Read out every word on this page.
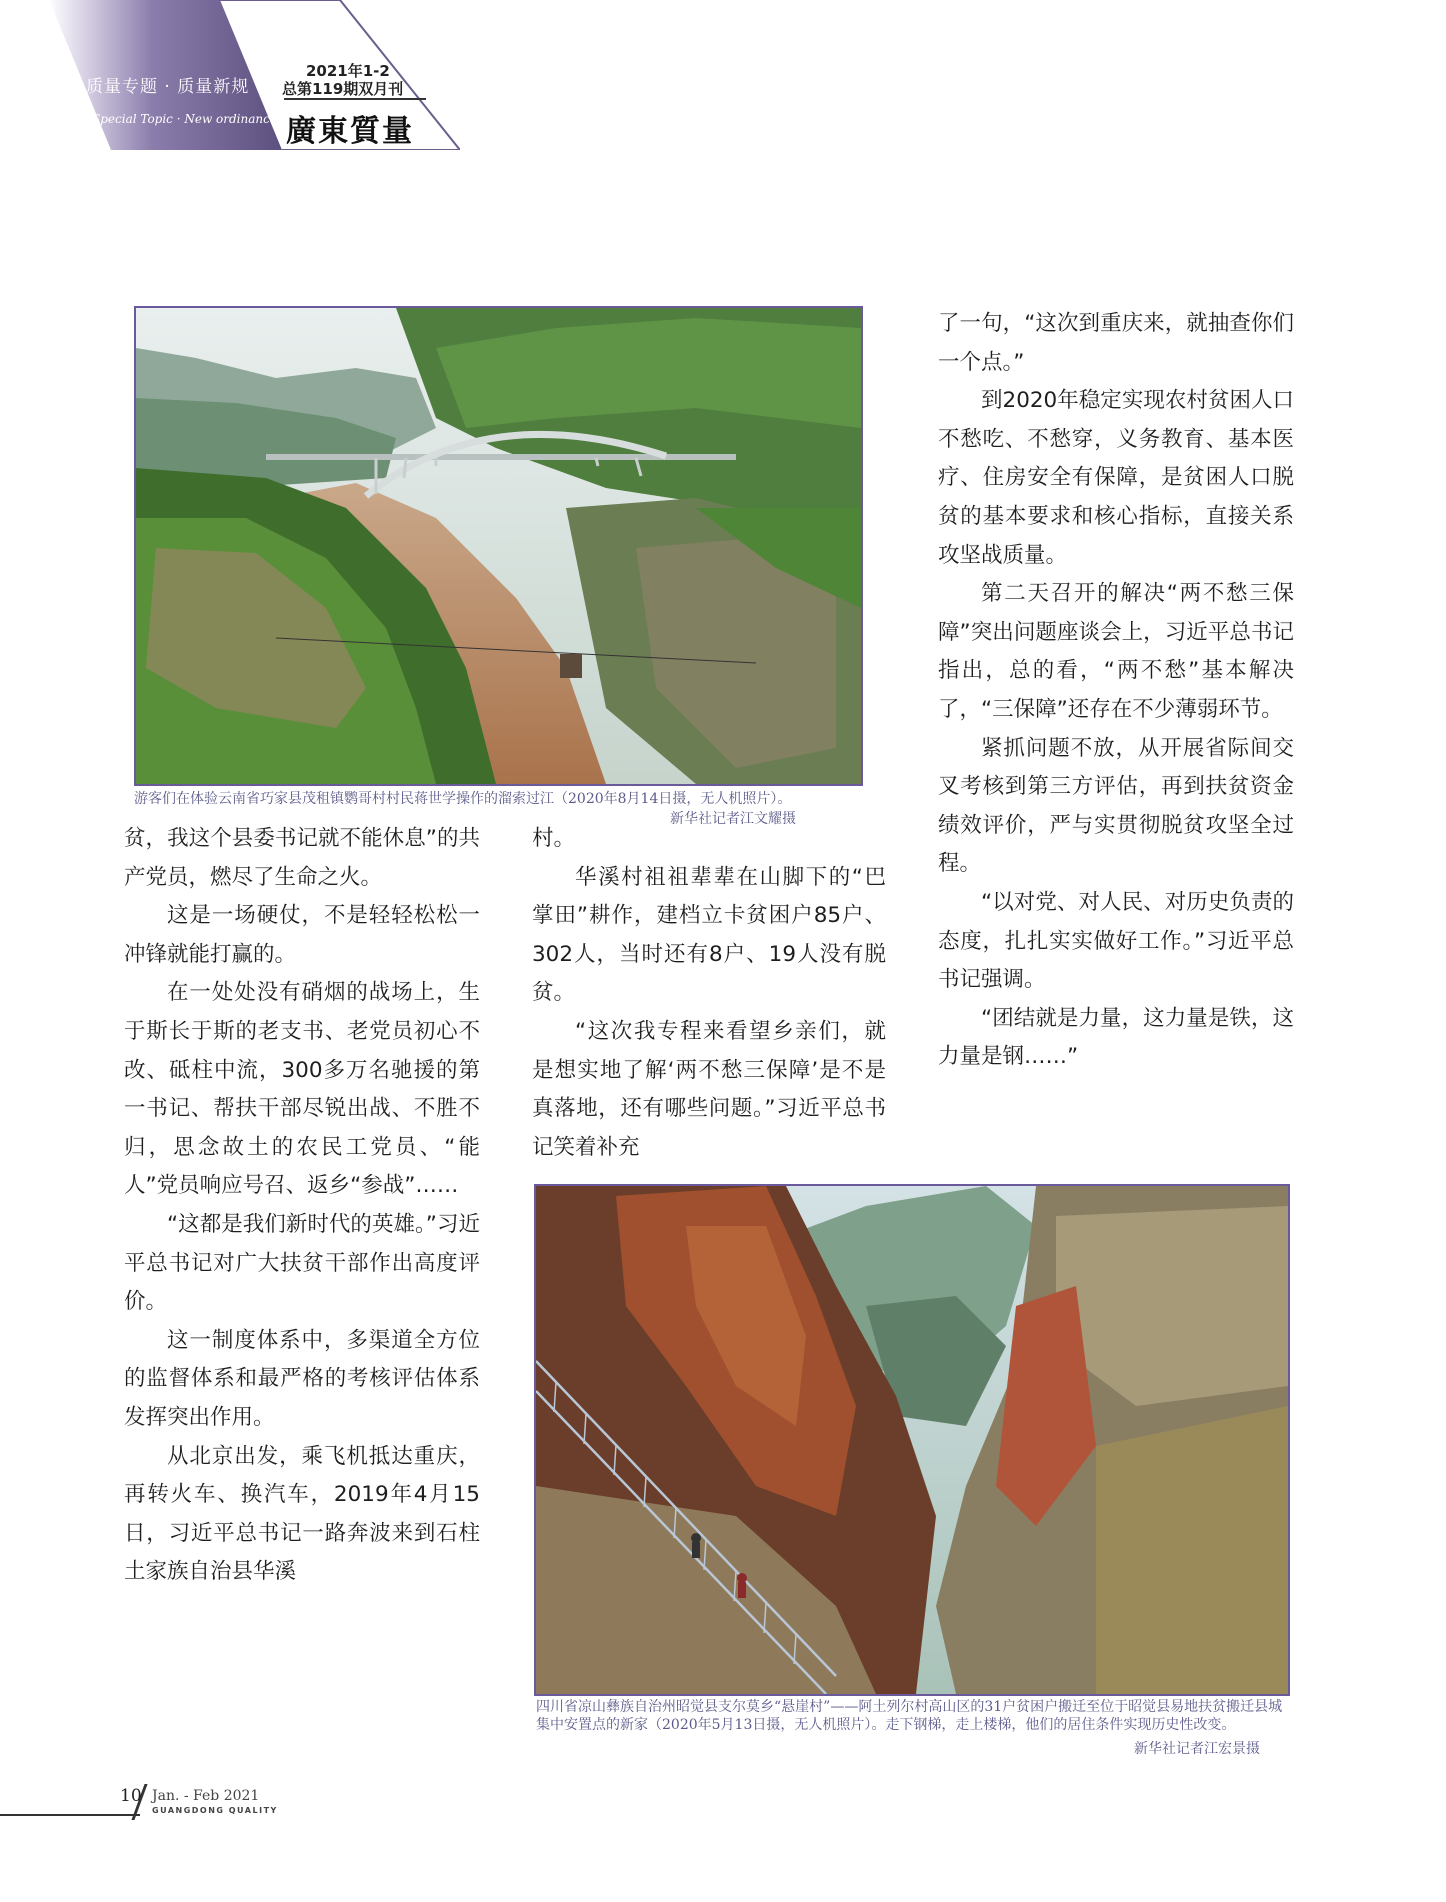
质量专题 · 质量新规
Special Topic · New ordinances
2021年1-2
总第119期双月刊
廣東質量
游客们在体验云南省巧家县茂租镇鹦哥村村民蒋世学操作的溜索过江（2020年8月14日摄，无人机照片）。
新华社记者江文耀摄

贫，我这个县委书记就不能休息”的共产党员，燃尽了生命之火。

这是一场硬仗，不是轻轻松松一冲锋就能打赢的。

在一处处没有硝烟的战场上，生于斯长于斯的老支书、老党员初心不改、砥柱中流，300多万名驰援的第一书记、帮扶干部尽锐出战、不胜不归，思念故土的农民工党员、“能人”党员响应号召、返乡“参战”……

“这都是我们新时代的英雄。”习近平总书记对广大扶贫干部作出高度评价。

这一制度体系中，多渠道全方位的监督体系和最严格的考核评估体系发挥突出作用。

从北京出发，乘飞机抵达重庆，再转火车、换汽车，2019年4月15日，习近平总书记一路奔波来到石柱土家族自治县华溪

村。

华溪村祖祖辈辈在山脚下的“巴掌田”耕作，建档立卡贫困户85户、302人，当时还有8户、19人没有脱贫。

“这次我专程来看望乡亲们，就是想实地了解‘两不愁三保障’是不是真落地，还有哪些问题。”习近平总书记笑着补充

了一句，“这次到重庆来，就抽查你们一个点。”

到2020年稳定实现农村贫困人口不愁吃、不愁穿，义务教育、基本医疗、住房安全有保障，是贫困人口脱贫的基本要求和核心指标，直接关系攻坚战质量。

第二天召开的解决“两不愁三保障”突出问题座谈会上，习近平总书记指出，总的看，“两不愁”基本解决了，“三保障”还存在不少薄弱环节。

紧抓问题不放，从开展省际间交叉考核到第三方评估，再到扶贫资金绩效评价，严与实贯彻脱贫攻坚全过程。

“以对党、对人民、对历史负责的态度，扎扎实实做好工作。”习近平总书记强调。

“团结就是力量，这力量是铁，这力量是钢……”

四川省凉山彝族自治州昭觉县支尔莫乡“悬崖村”——阿土列尔村高山区的31户贫困户搬迁至位于昭觉县易地扶贫搬迁县城集中安置点的新家（2020年5月13日摄，无人机照片）。走下钢梯，走上楼梯，他们的居住条件实现历史性改变。
新华社记者江宏景摄
10 Jan. - Feb 2021
GUANGDONG QUALITY
